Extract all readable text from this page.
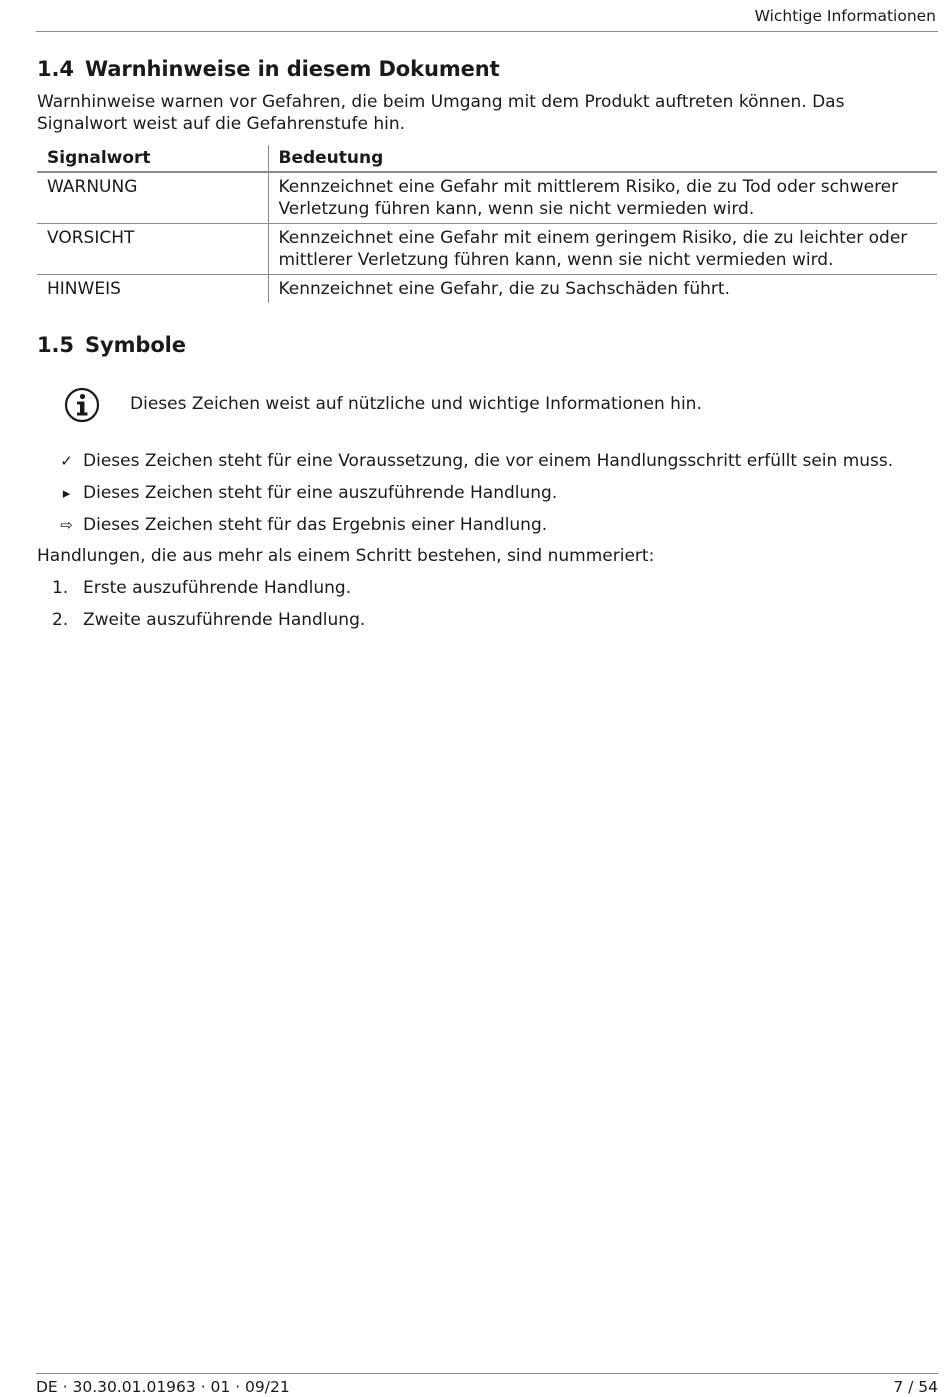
Wichtige Informationen
1.4 Warnhinweise in diesem Dokument
Warnhinweise warnen vor Gefahren, die beim Umgang mit dem Produkt auftreten können. Das
Signalwort weist auf die Gefahrenstufe hin.
Signalwort	Bedeutung
WARNUNG	Kennzeichnet eine Gefahr mit mittlerem Risiko, die zu Tod oder schwerer Verletzung führen kann, wenn sie nicht vermieden wird.
VORSICHT	Kennzeichnet eine Gefahr mit einem geringem Risiko, die zu leichter oder mittlerer Verletzung führen kann, wenn sie nicht vermieden wird.
HINWEIS	Kennzeichnet eine Gefahr, die zu Sachschäden führt.
1.5 Symbole
Dieses Zeichen weist auf nützliche und wichtige Informationen hin.
✓ Dieses Zeichen steht für eine Voraussetzung, die vor einem Handlungsschritt erfüllt sein muss.
▸ Dieses Zeichen steht für eine auszuführende Handlung.
⇨ Dieses Zeichen steht für das Ergebnis einer Handlung.
Handlungen, die aus mehr als einem Schritt bestehen, sind nummeriert:
1. Erste auszuführende Handlung.
2. Zweite auszuführende Handlung.
DE · 30.30.01.01963 · 01 · 09/21	7 / 54
